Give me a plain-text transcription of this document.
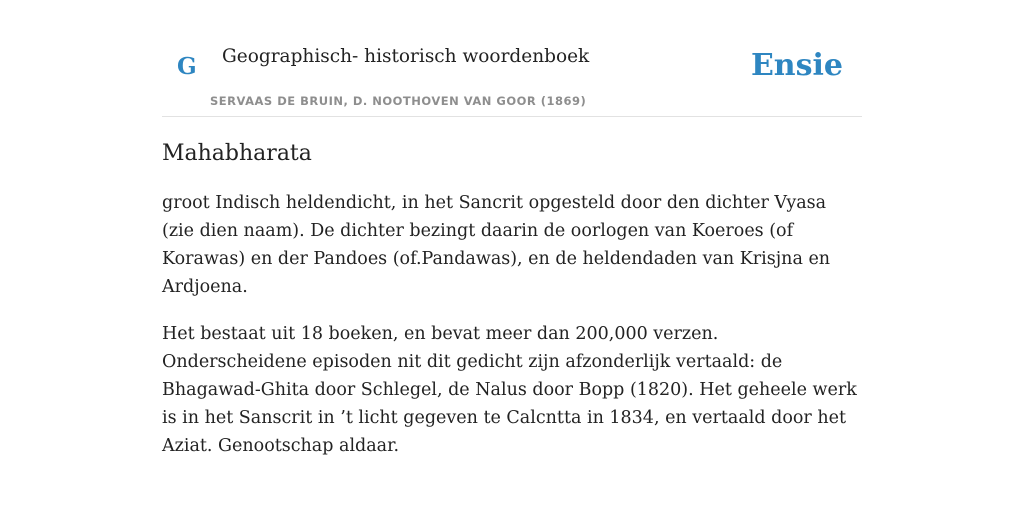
G Geographisch- historisch woordenboek
SERVAAS DE BRUIN, D. NOOTHOVEN VAN GOOR (1869)
Ensie
Mahabharata

groot Indisch heldendicht, in het Sancrit opgesteld door den dichter Vyasa (zie dien naam). De dichter bezingt daarin de oorlogen van Koeroes (of Korawas) en der Pandoes (of.Pandawas), en de heldendaden van Krisjna en Ardjoena.

Het bestaat uit 18 boeken, en bevat meer dan 200,000 verzen. Onderscheidene episoden nit dit gedicht zijn afzonderlijk vertaald: de Bhagawad-Ghita door Schlegel, de Nalus door Bopp (1820). Het geheele werk is in het Sanscrit in ’t licht gegeven te Calcntta in 1834, en vertaald door het Aziat. Genootschap aldaar.
